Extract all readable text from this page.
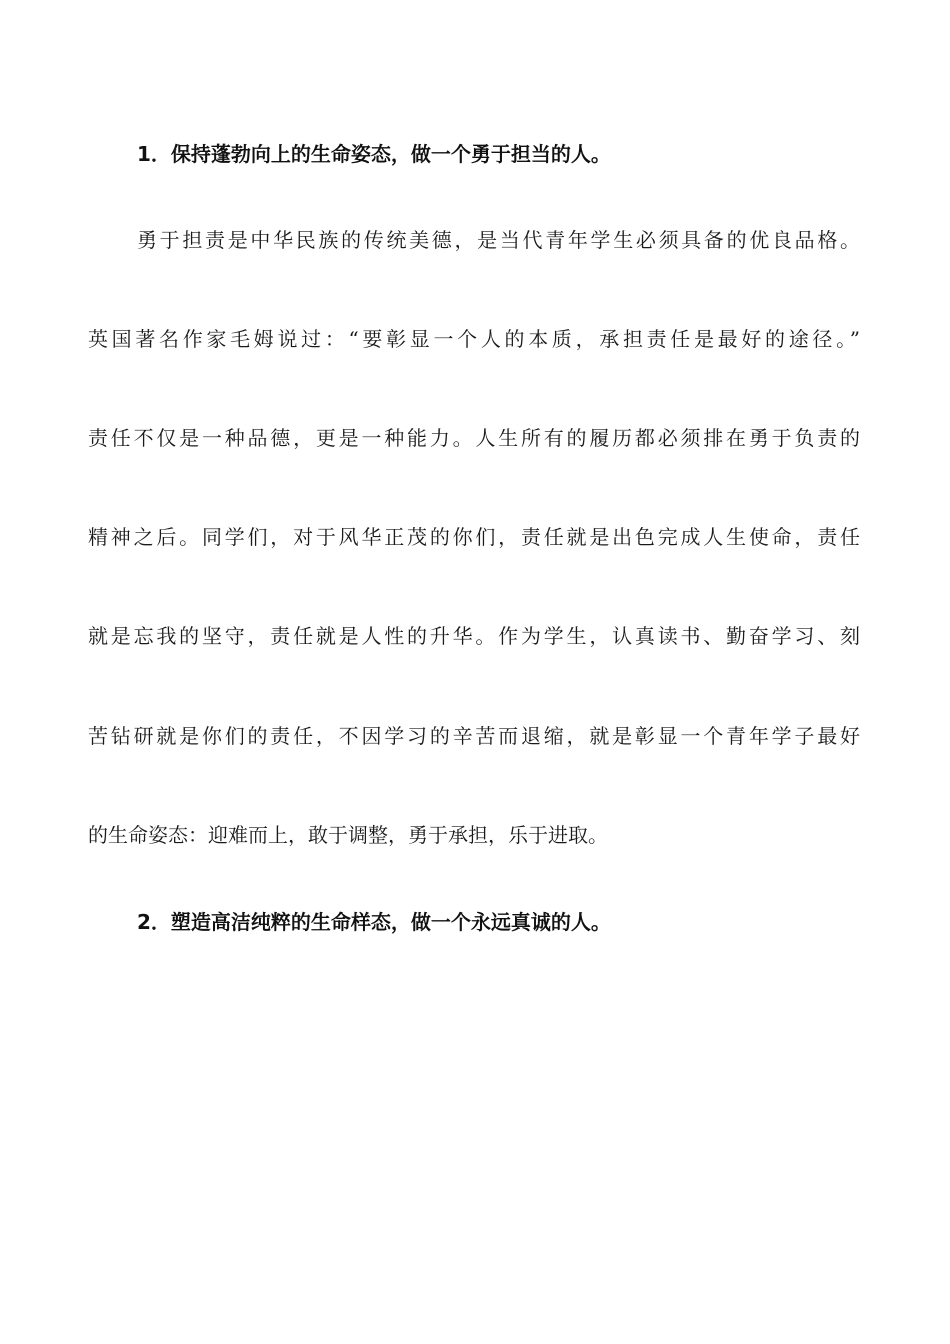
1．保持蓬勃向上的生命姿态，做一个勇于担当的人。
勇于担责是中华民族的传统美德，是当代青年学生必须具备的优良品格。
英国著名作家毛姆说过：“要彰显一个人的本质，承担责任是最好的途径。”
责任不仅是一种品德，更是一种能力。人生所有的履历都必须排在勇于负责的
精神之后。同学们，对于风华正茂的你们，责任就是出色完成人生使命，责任
就是忘我的坚守，责任就是人性的升华。作为学生，认真读书、勤奋学习、刻
苦钻研就是你们的责任，不因学习的辛苦而退缩，就是彰显一个青年学子最好
的生命姿态：迎难而上，敢于调整，勇于承担，乐于进取。
2．塑造高洁纯粹的生命样态，做一个永远真诚的人。
